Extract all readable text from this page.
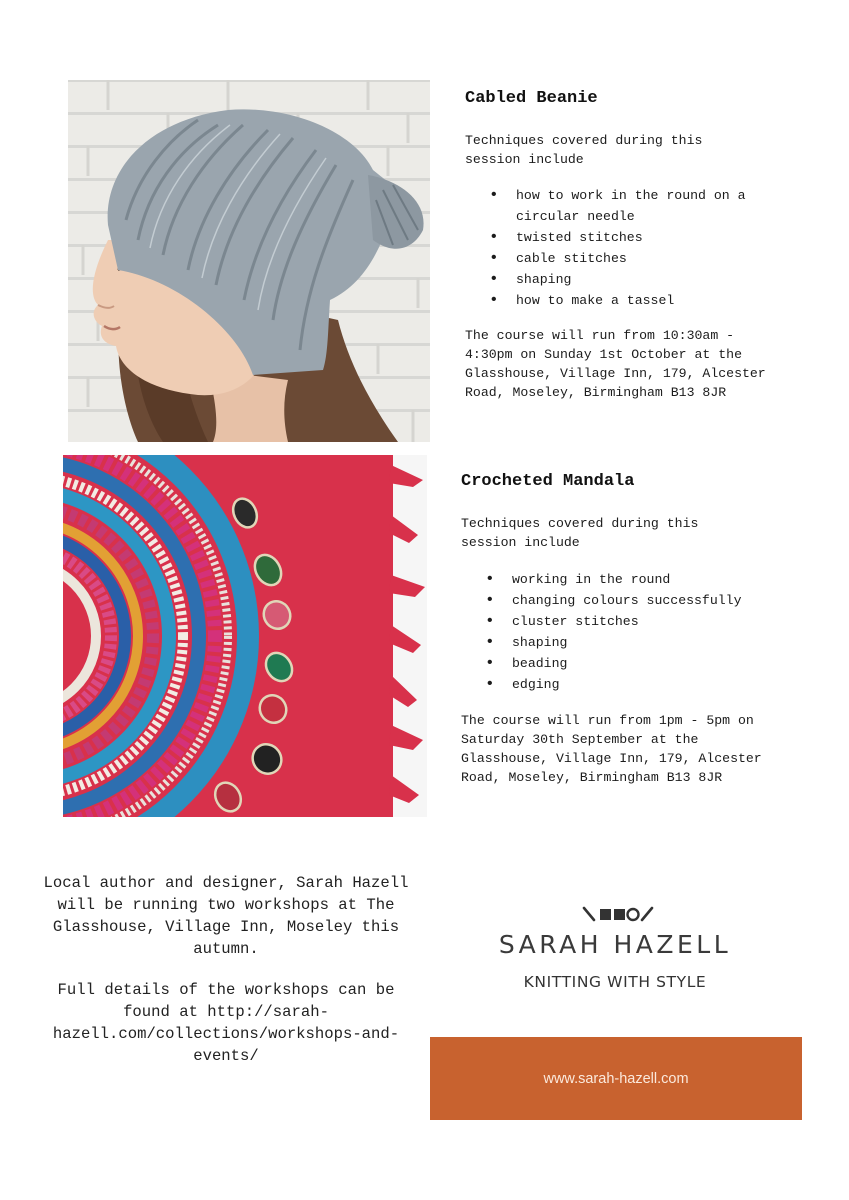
Cabled Beanie
Techniques covered during this session include
• how to work in the round on a circular needle
• twisted stitches
• cable stitches
• shaping
• how to make a tassel
The course will run from 10:30am - 4:30pm on Sunday 1st October at the Glasshouse, Village Inn, 179, Alcester Road, Moseley, Birmingham B13 8JR
Crocheted Mandala
Techniques covered during this session include
• working in the round
• changing colours successfully
• cluster stitches
• shaping
• beading
• edging
The course will run from 1pm - 5pm on Saturday 30th September at the Glasshouse, Village Inn, 179, Alcester Road, Moseley, Birmingham B13 8JR

Local author and designer, Sarah Hazell will be running two workshops at The Glasshouse, Village Inn, Moseley this autumn.

Full details of the workshops can be found at http://sarah-hazell.com/collections/workshops-and-events/

SARAH HAZELL
KNITTING WITH STYLE
www.sarah-hazell.com
